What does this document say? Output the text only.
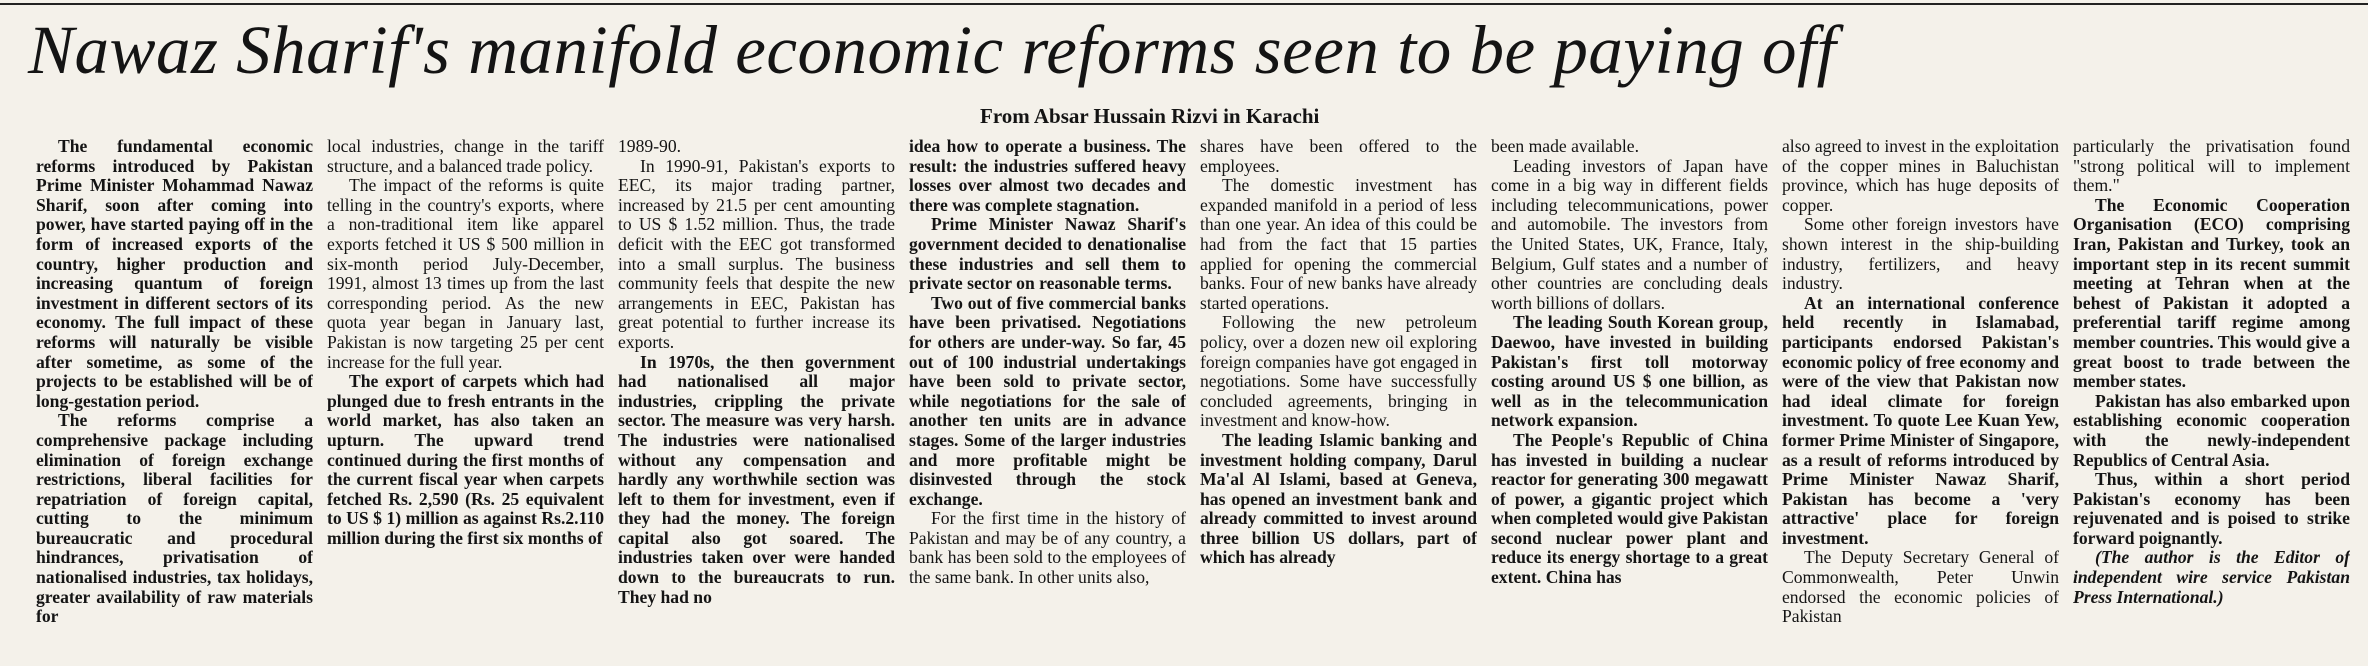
Nawaz Sharif's manifold economic reforms seen to be paying off
From Absar Hussain Rizvi in Karachi

The fundamental economic reforms introduced by Pakistan Prime Minister Mohammad Nawaz Sharif, soon after coming into power, have started paying off in the form of increased exports of the country, higher production and increasing quantum of foreign investment in different sectors of its economy. The full impact of these reforms will naturally be visible after sometime, as some of the projects to be established will be of long-gestation period.

The reforms comprise a comprehensive package including elimination of foreign exchange restrictions, liberal facilities for repatriation of foreign capital, cutting to the minimum bureaucratic and procedural hindrances, privatisation of nationalised industries, tax holidays, greater availability of raw materials for

local industries, change in the tariff structure, and a balanced trade policy.

The impact of the reforms is quite telling in the country's exports, where a non-traditional item like apparel exports fetched it US $ 500 million in six-month period July-December, 1991, almost 13 times up from the last corresponding period. As the new quota year began in January last, Pakistan is now targeting 25 per cent increase for the full year.

The export of carpets which had plunged due to fresh entrants in the world market, has also taken an upturn. The upward trend continued during the first months of the current fiscal year when carpets fetched Rs. 2,590 (Rs. 25 equivalent to US $ 1) million as against Rs.2.110 million during the first six months of

1989-90.

In 1990-91, Pakistan's exports to EEC, its major trading partner, increased by 21.5 per cent amounting to US $ 1.52 million. Thus, the trade deficit with the EEC got transformed into a small surplus. The business community feels that despite the new arrangements in EEC, Pakistan has great potential to further increase its exports.

In 1970s, the then government had nationalised all major industries, crippling the private sector. The measure was very harsh. The industries were nationalised without any compensation and hardly any worthwhile section was left to them for investment, even if they had the money. The foreign capital also got soared. The industries taken over were handed down to the bureaucrats to run. They had no

idea how to operate a business. The result: the industries suffered heavy losses over almost two decades and there was complete stagnation.

Prime Minister Nawaz Sharif's government decided to denationalise these industries and sell them to private sector on reasonable terms.

Two out of five commercial banks have been privatised. Negotiations for others are under-way. So far, 45 out of 100 industrial undertakings have been sold to private sector, while negotiations for the sale of another ten units are in advance stages. Some of the larger industries and more profitable might be disinvested through the stock exchange.

For the first time in the history of Pakistan and may be of any country, a bank has been sold to the employees of the same bank. In other units also,

shares have been offered to the employees.

The domestic investment has expanded manifold in a period of less than one year. An idea of this could be had from the fact that 15 parties applied for opening the commercial banks. Four of new banks have already started operations.

Following the new petroleum policy, over a dozen new oil exploring foreign companies have got engaged in negotiations. Some have successfully concluded agreements, bringing in investment and know-how.

The leading Islamic banking and investment holding company, Darul Ma'al Al Islami, based at Geneva, has opened an investment bank and already committed to invest around three billion US dollars, part of which has already

been made available.

Leading investors of Japan have come in a big way in different fields including telecommunications, power and automobile. The investors from the United States, UK, France, Italy, Belgium, Gulf states and a number of other countries are concluding deals worth billions of dollars.

The leading South Korean group, Daewoo, have invested in building Pakistan's first toll motorway costing around US $ one billion, as well as in the telecommunication network expansion.

The People's Republic of China has invested in building a nuclear reactor for generating 300 megawatt of power, a gigantic project which when completed would give Pakistan second nuclear power plant and reduce its energy shortage to a great extent. China has

also agreed to invest in the exploitation of the copper mines in Baluchistan province, which has huge deposits of copper.

Some other foreign investors have shown interest in the ship-building industry, fertilizers, and heavy industry.

At an international conference held recently in Islamabad, participants endorsed Pakistan's economic policy of free economy and were of the view that Pakistan now had ideal climate for foreign investment. To quote Lee Kuan Yew, former Prime Minister of Singapore, as a result of reforms introduced by Prime Minister Nawaz Sharif, Pakistan has become a 'very attractive' place for foreign investment.

The Deputy Secretary General of Commonwealth, Peter Unwin endorsed the economic policies of Pakistan

particularly the privatisation found "strong political will to implement them."

The Economic Cooperation Organisation (ECO) comprising Iran, Pakistan and Turkey, took an important step in its recent summit meeting at Tehran when at the behest of Pakistan it adopted a preferential tariff regime among member countries. This would give a great boost to trade between the member states.

Pakistan has also embarked upon establishing economic cooperation with the newly-independent Republics of Central Asia.

Thus, within a short period Pakistan's economy has been rejuvenated and is poised to strike forward poignantly.

(The author is the Editor of independent wire service Pakistan Press International.)
